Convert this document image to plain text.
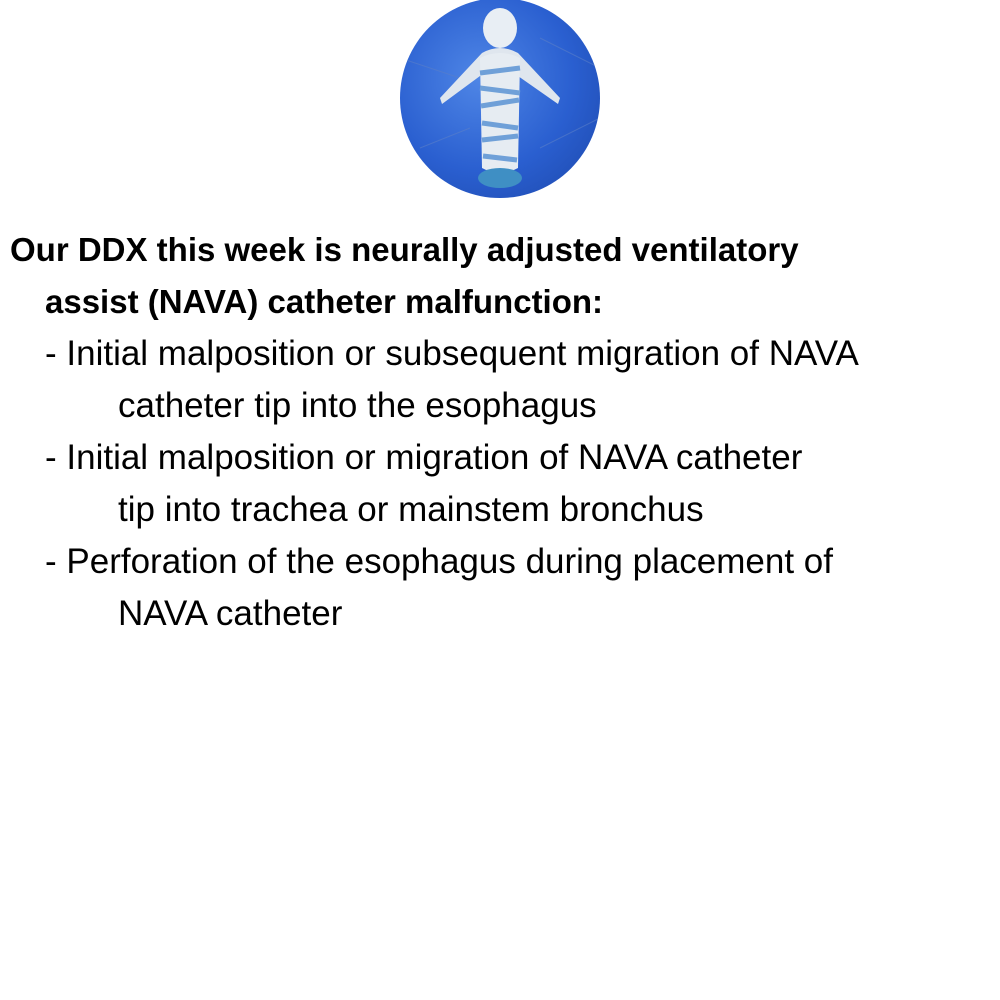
Our DDX this week is neurally adjusted ventilatory
assist (NAVA) catheter malfunction:
- Initial malposition or subsequent migration of NAVA
catheter tip into the esophagus
- Initial malposition or migration of NAVA catheter
tip into trachea or mainstem bronchus
- Perforation of the esophagus during placement of
NAVA catheter
